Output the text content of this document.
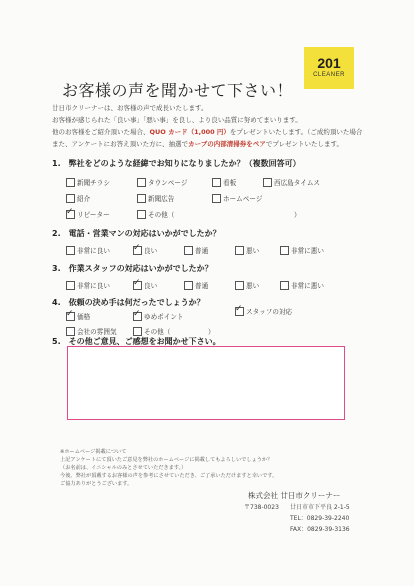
201
CLEANER
お客様の声を聞かせて下さい！
廿日市クリーナーは、お客様の声で成長いたします。
お客様が感じられた「良い事」「悪い事」を良し、より良い品質に努めてまいります。
他のお客様をご紹介頂いた場合、QUO カード（1,000 円）をプレゼントいたします。（ご成約頂いた場合
また、アンケートにお答え頂いた方に、抽選でカーブの内部清掃券をペアでプレゼントいたします。
1.　弊社をどのような経緯でお知りになりましたか？（複数回答可）
新聞チラシ	タウンページ	看板	西広島タイムス
紹介	新聞広告	ホームページ
✓
リピーター	その他（	）
2.　電話・営業マンの対応はいかがでしたか？
非常に良い ✓	良い	普通	悪い	非常に悪い
3.　作業スタッフの対応はいかがでしたか？
非常に良い ✓	良い	普通	悪い	非常に悪い
4.　依頼の決め手は何だったでしょうか？
✓
価格 ✓	ゆめポイント
✓
スタッフの対応
会社の雰囲気	その他（	）
5.　その他ご意見、ご感想をお聞かせ下さい。
※ホームページ掲載について
上記アンケートにて頂いたご意見を弊社のホームページに掲載してもよろしいでしょうか？
（お名前は、イニシャルのみとさせていただきます。）
今後、弊社が頂戴するお客様の声を参考にさせていただき、ご了承いただけますと幸いです。
ご協力ありがとうございます。
株式会社 廿日市クリーナー
〒738-0023 廿日市市下平良 2-1-5
TEL：0829-39-2240
FAX：0829-39-3136
